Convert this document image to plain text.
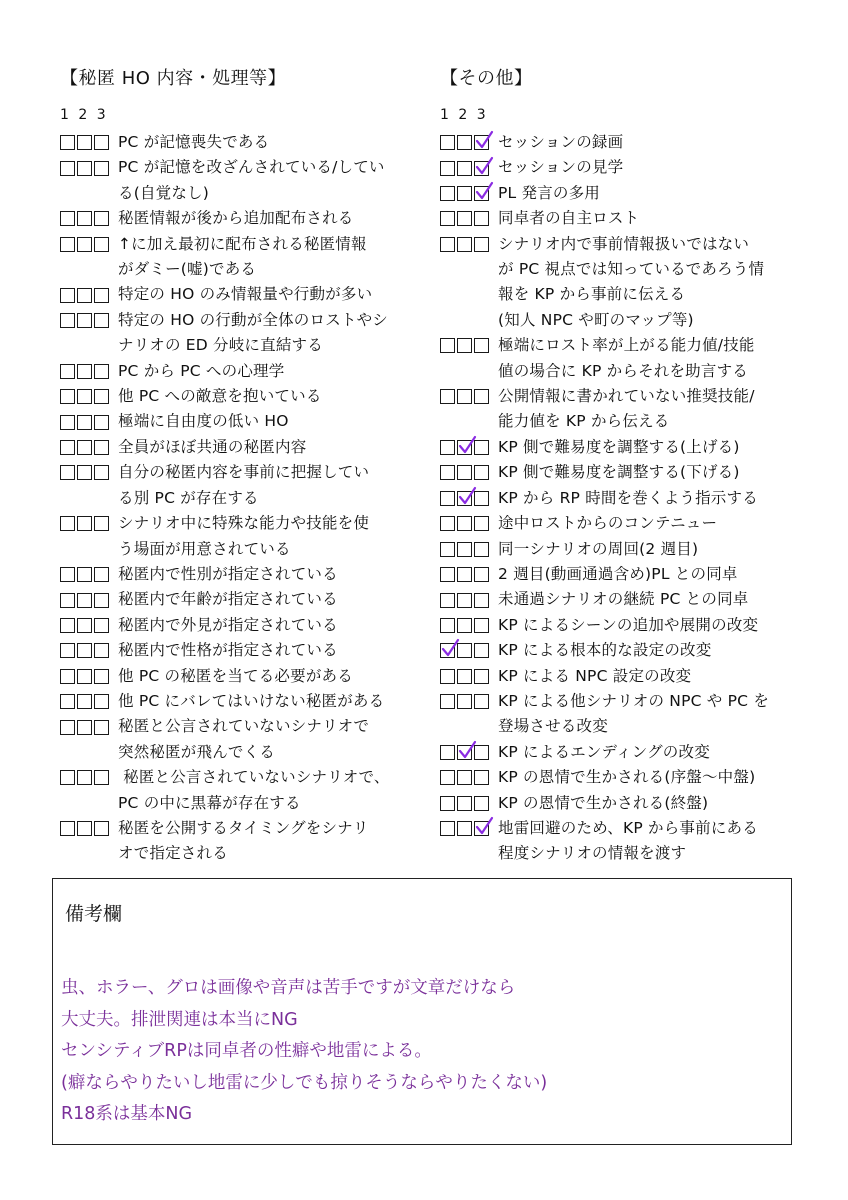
【秘匿 HO 内容・処理等】
1 2 3
PC が記憶喪失である
PC が記憶を改ざんされている/してい
る(自覚なし)
秘匿情報が後から追加配布される
↑に加え最初に配布される秘匿情報
がダミー(嘘)である
特定の HO のみ情報量や行動が多い
特定の HO の行動が全体のロストやシ
ナリオの ED 分岐に直結する
PC から PC への心理学
他 PC への敵意を抱いている
極端に自由度の低い HO
全員がほぼ共通の秘匿内容
自分の秘匿内容を事前に把握してい
る別 PC が存在する
シナリオ中に特殊な能力や技能を使
う場面が用意されている
秘匿内で性別が指定されている
秘匿内で年齢が指定されている
秘匿内で外見が指定されている
秘匿内で性格が指定されている
他 PC の秘匿を当てる必要がある
他 PC にバレてはいけない秘匿がある
秘匿と公言されていないシナリオで
突然秘匿が飛んでくる
秘匿と公言されていないシナリオで、
PC の中に黒幕が存在する
秘匿を公開するタイミングをシナリ
オで指定される
【その他】
1 2 3
セッションの録画
セッションの見学
PL 発言の多用
同卓者の自主ロスト
シナリオ内で事前情報扱いではない
が PC 視点では知っているであろう情
報を KP から事前に伝える
(知人 NPC や町のマップ等)
極端にロスト率が上がる能力値/技能
値の場合に KP からそれを助言する
公開情報に書かれていない推奨技能/
能力値を KP から伝える
KP 側で難易度を調整する(上げる)
KP 側で難易度を調整する(下げる)
KP から RP 時間を巻くよう指示する
途中ロストからのコンテニュー
同一シナリオの周回(2 週目)
2 週目(動画通過含め)PL との同卓
未通過シナリオの継続 PC との同卓
KP によるシーンの追加や展開の改変
KP による根本的な設定の改変
KP による NPC 設定の改変
KP による他シナリオの NPC や PC を
登場させる改変
KP によるエンディングの改変
KP の恩情で生かされる(序盤〜中盤)
KP の恩情で生かされる(終盤)
地雷回避のため、KP から事前にある
程度シナリオの情報を渡す
備考欄
虫、ホラー、グロは画像や音声は苦手ですが文章だけなら
大丈夫。排泄関連は本当にNG
センシティブRPは同卓者の性癖や地雷による。
(癖ならやりたいし地雷に少しでも掠りそうならやりたくない)
R18系は基本NG
